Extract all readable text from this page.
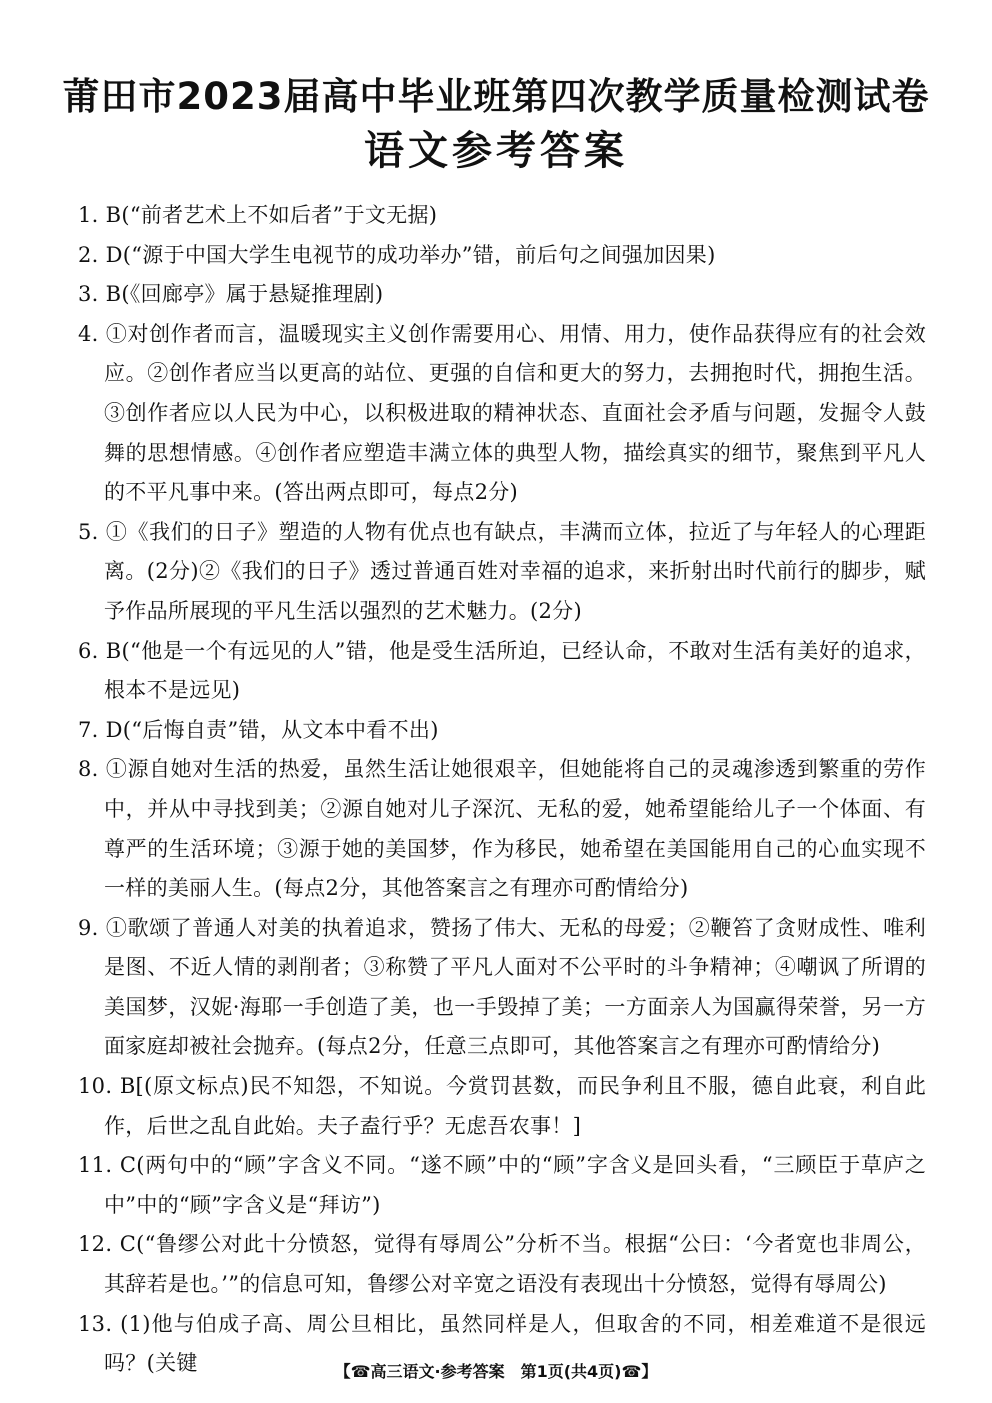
莆田市2023届高中毕业班第四次教学质量检测试卷
语文参考答案

1. B(“前者艺术上不如后者”于文无据)

2. D(“源于中国大学生电视节的成功举办”错，前后句之间强加因果)

3. B(《回廊亭》属于悬疑推理剧)

4. ①对创作者而言，温暖现实主义创作需要用心、用情、用力，使作品获得应有的社会效应。②创作者应当以更高的站位、更强的自信和更大的努力，去拥抱时代，拥抱生活。③创作者应以人民为中心，以积极进取的精神状态、直面社会矛盾与问题，发掘令人鼓舞的思想情感。④创作者应塑造丰满立体的典型人物，描绘真实的细节，聚焦到平凡人的不平凡事中来。(答出两点即可，每点2分)

5. ①《我们的日子》塑造的人物有优点也有缺点，丰满而立体，拉近了与年轻人的心理距离。(2分)②《我们的日子》透过普通百姓对幸福的追求，来折射出时代前行的脚步，赋予作品所展现的平凡生活以强烈的艺术魅力。(2分)

6. B(“他是一个有远见的人”错，他是受生活所迫，已经认命，不敢对生活有美好的追求，根本不是远见)

7. D(“后悔自责”错，从文本中看不出)

8. ①源自她对生活的热爱，虽然生活让她很艰辛，但她能将自己的灵魂渗透到繁重的劳作中，并从中寻找到美；②源自她对儿子深沉、无私的爱，她希望能给儿子一个体面、有尊严的生活环境；③源于她的美国梦，作为移民，她希望在美国能用自己的心血实现不一样的美丽人生。(每点2分，其他答案言之有理亦可酌情给分)

9. ①歌颂了普通人对美的执着追求，赞扬了伟大、无私的母爱；②鞭笞了贪财成性、唯利是图、不近人情的剥削者；③称赞了平凡人面对不公平时的斗争精神；④嘲讽了所谓的美国梦，汉妮·海耶一手创造了美，也一手毁掉了美；一方面亲人为国赢得荣誉，另一方面家庭却被社会抛弃。(每点2分，任意三点即可，其他答案言之有理亦可酌情给分)

10. B[(原文标点)民不知怨，不知说。今赏罚甚数，而民争利且不服，德自此衰，利自此作，后世之乱自此始。夫子盍行乎？无虑吾农事！]

11. C(两句中的“顾”字含义不同。“遂不顾”中的“顾”字含义是回头看，“三顾臣于草庐之中”中的“顾”字含义是“拜访”)

12. C(“鲁缪公对此十分愤怒，觉得有辱周公”分析不当。根据“公曰：‘今者宽也非周公，其辞若是也。’”的信息可知，鲁缪公对辛宽之语没有表现出十分愤怒，觉得有辱周公)

13. (1)他与伯成子高、周公旦相比，虽然同样是人，但取舍的不同，相差难道不是很远吗？(关键	【☎高三语文·参考答案　第1页(共4页)☎】
